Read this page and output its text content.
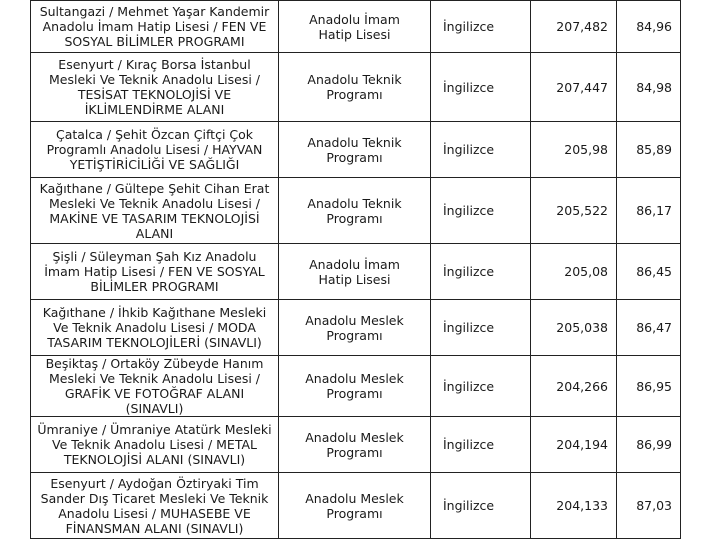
Sultangazi / Mehmet Yaşar Kandemir
Anadolu İmam Hatip Lisesi / FEN VE
SOSYAL BİLİMLER PROGRAMI	Anadolu İmam
Hatip Lisesi	İngilizce	207,482	84,96
Esenyurt / Kıraç Borsa İstanbul
Mesleki Ve Teknik Anadolu Lisesi /
TESİSAT TEKNOLOJİSİ VE
İKLİMLENDİRME ALANI	Anadolu Teknik
Programı	İngilizce	207,447	84,98
Çatalca / Şehit Özcan Çiftçi Çok
Programlı Anadolu Lisesi / HAYVAN
YETİŞTİRİCİLİĞİ VE SAĞLIĞI	Anadolu Teknik
Programı	İngilizce	205,98	85,89
Kağıthane / Gültepe Şehit Cihan Erat
Mesleki Ve Teknik Anadolu Lisesi /
MAKİNE VE TASARIM TEKNOLOJİSİ
ALANI	Anadolu Teknik
Programı	İngilizce	205,522	86,17
Şişli / Süleyman Şah Kız Anadolu
İmam Hatip Lisesi / FEN VE SOSYAL
BİLİMLER PROGRAMI	Anadolu İmam
Hatip Lisesi	İngilizce	205,08	86,45
Kağıthane / İhkib Kağıthane Mesleki
Ve Teknik Anadolu Lisesi / MODA
TASARIM TEKNOLOJİLERİ (SINAVLI)	Anadolu Meslek
Programı	İngilizce	205,038	86,47
Beşiktaş / Ortaköy Zübeyde Hanım
Mesleki Ve Teknik Anadolu Lisesi /
GRAFİK VE FOTOĞRAF ALANI (SINAVLI)	Anadolu Meslek
Programı	İngilizce	204,266	86,95
Ümraniye / Ümraniye Atatürk Mesleki
Ve Teknik Anadolu Lisesi / METAL
TEKNOLOJİSİ ALANI (SINAVLI)	Anadolu Meslek
Programı	İngilizce	204,194	86,99
Esenyurt / Aydoğan Öztiryaki Tim
Sander Dış Ticaret Mesleki Ve Teknik
Anadolu Lisesi / MUHASEBE VE
FİNANSMAN ALANI (SINAVLI)	Anadolu Meslek
Programı	İngilizce	204,133	87,03
